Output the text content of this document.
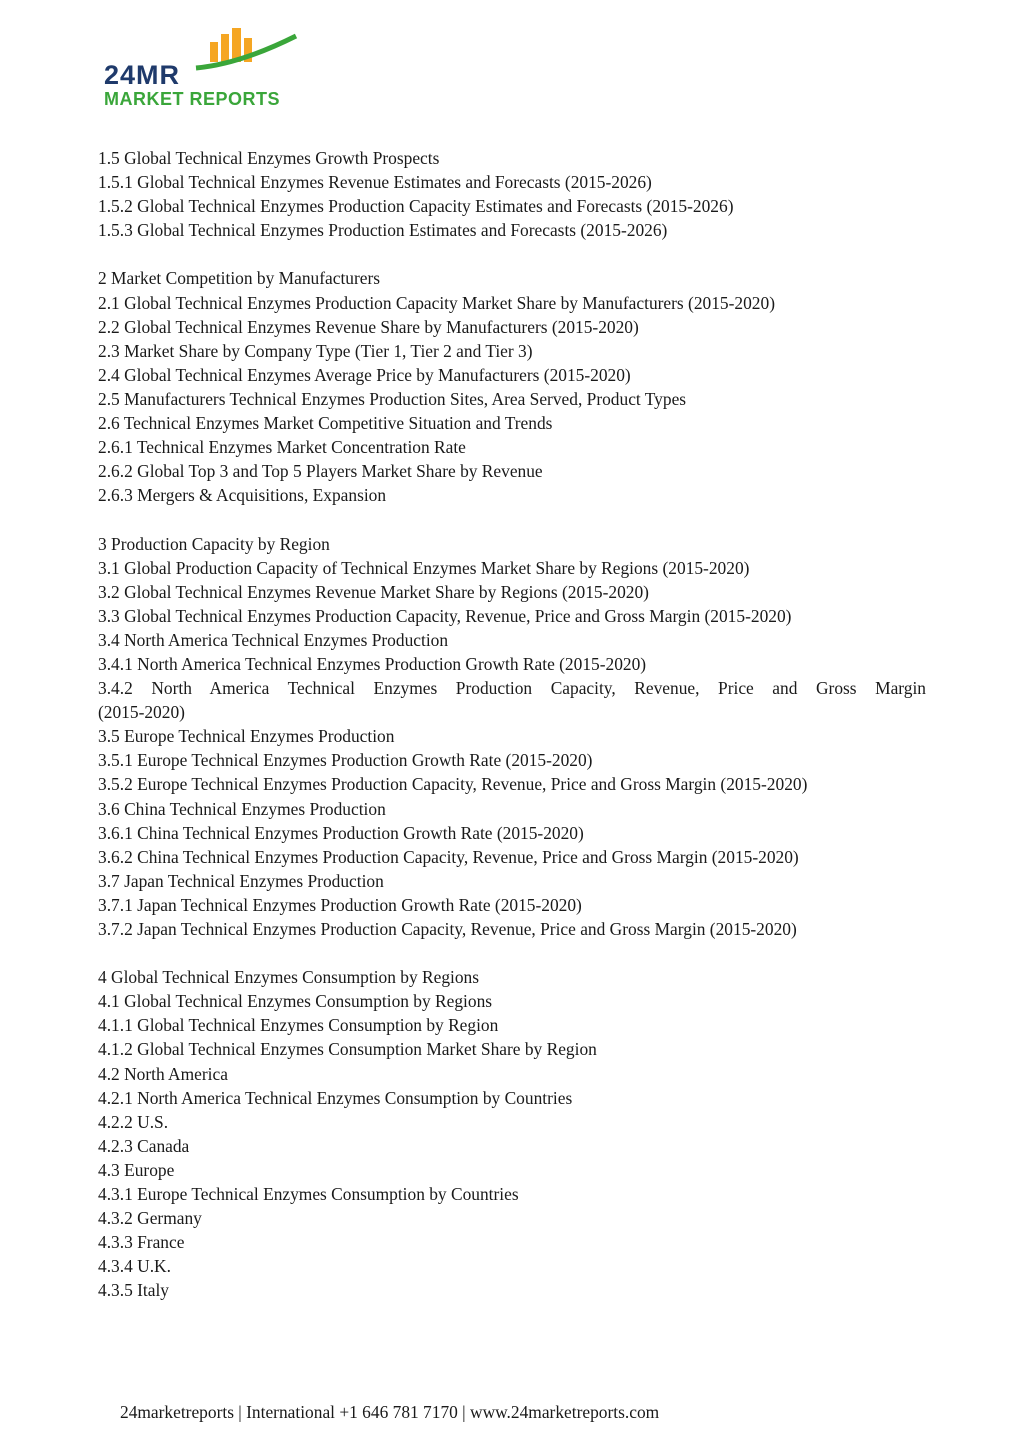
24MR
MARKET REPORTS
1.5 Global Technical Enzymes Growth Prospects
1.5.1 Global Technical Enzymes Revenue Estimates and Forecasts (2015-2026)
1.5.2 Global Technical Enzymes Production Capacity Estimates and Forecasts (2015-2026)
1.5.3 Global Technical Enzymes Production Estimates and Forecasts (2015-2026)
2 Market Competition by Manufacturers
2.1 Global Technical Enzymes Production Capacity Market Share by Manufacturers (2015-2020)
2.2 Global Technical Enzymes Revenue Share by Manufacturers (2015-2020)
2.3 Market Share by Company Type (Tier 1, Tier 2 and Tier 3)
2.4 Global Technical Enzymes Average Price by Manufacturers (2015-2020)
2.5 Manufacturers Technical Enzymes Production Sites, Area Served, Product Types
2.6 Technical Enzymes Market Competitive Situation and Trends
2.6.1 Technical Enzymes Market Concentration Rate
2.6.2 Global Top 3 and Top 5 Players Market Share by Revenue
2.6.3 Mergers & Acquisitions, Expansion
3 Production Capacity by Region
3.1 Global Production Capacity of Technical Enzymes Market Share by Regions (2015-2020)
3.2 Global Technical Enzymes Revenue Market Share by Regions (2015-2020)
3.3 Global Technical Enzymes Production Capacity, Revenue, Price and Gross Margin (2015-2020)
3.4 North America Technical Enzymes Production
3.4.1 North America Technical Enzymes Production Growth Rate (2015-2020)
3.4.2 North America Technical Enzymes Production Capacity, Revenue, Price and Gross Margin
(2015-2020)
3.5 Europe Technical Enzymes Production
3.5.1 Europe Technical Enzymes Production Growth Rate (2015-2020)
3.5.2 Europe Technical Enzymes Production Capacity, Revenue, Price and Gross Margin (2015-2020)
3.6 China Technical Enzymes Production
3.6.1 China Technical Enzymes Production Growth Rate (2015-2020)
3.6.2 China Technical Enzymes Production Capacity, Revenue, Price and Gross Margin (2015-2020)
3.7 Japan Technical Enzymes Production
3.7.1 Japan Technical Enzymes Production Growth Rate (2015-2020)
3.7.2 Japan Technical Enzymes Production Capacity, Revenue, Price and Gross Margin (2015-2020)
4 Global Technical Enzymes Consumption by Regions
4.1 Global Technical Enzymes Consumption by Regions
4.1.1 Global Technical Enzymes Consumption by Region
4.1.2 Global Technical Enzymes Consumption Market Share by Region
4.2 North America
4.2.1 North America Technical Enzymes Consumption by Countries
4.2.2 U.S.
4.2.3 Canada
4.3 Europe
4.3.1 Europe Technical Enzymes Consumption by Countries
4.3.2 Germany
4.3.3 France
4.3.4 U.K.
4.3.5 Italy
24marketreports | International +1 646 781 7170 | www.24marketreports.com
